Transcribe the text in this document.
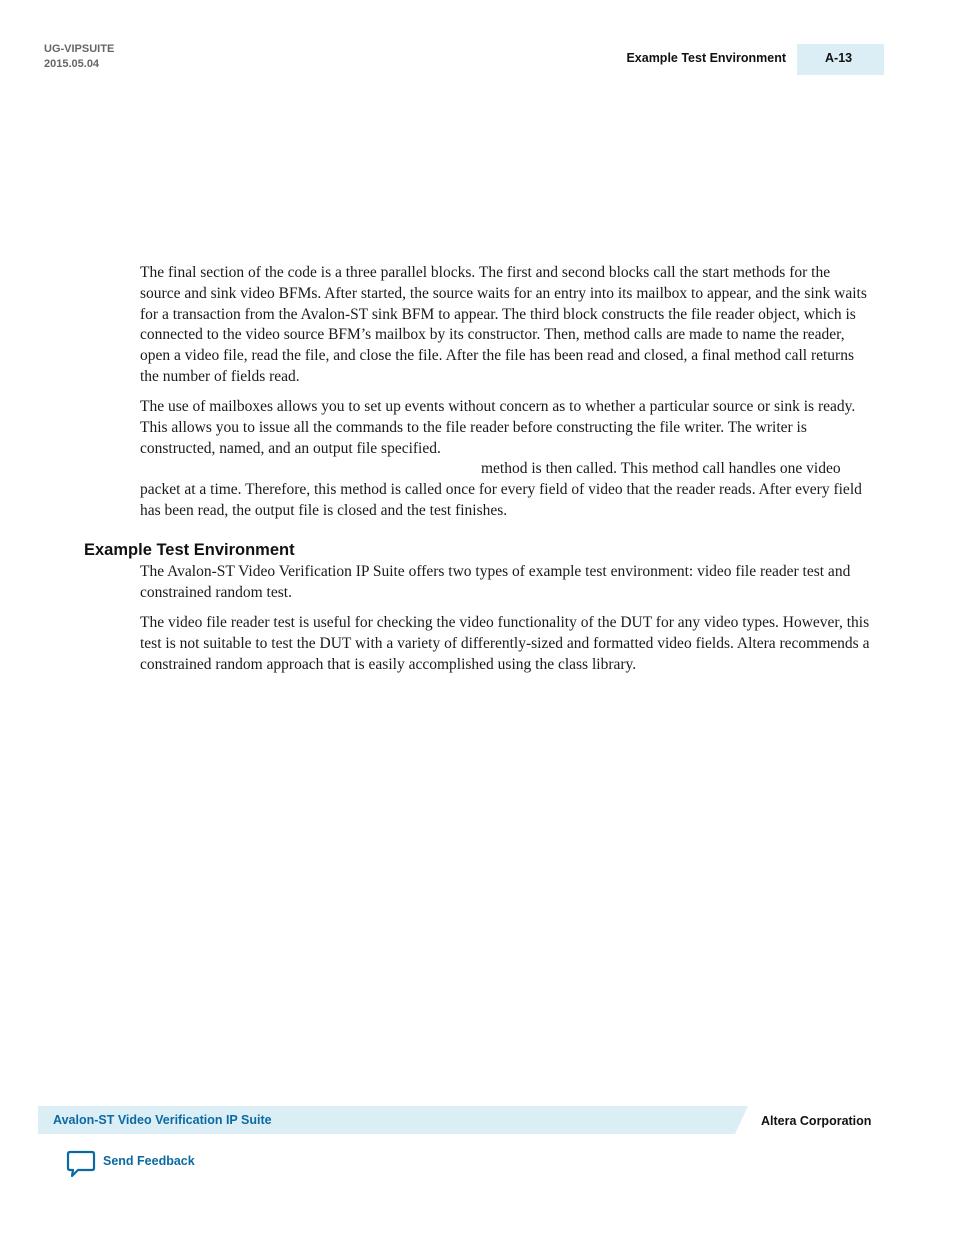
UG-VIPSUITE
2015.05.04	Example Test Environment	A-13

The final section of the code is a three parallel blocks. The first and second blocks call the start methods for the source and sink video BFMs. After started, the source waits for an entry into its mailbox to appear, and the sink waits for a transaction from the Avalon-ST sink BFM to appear. The third block constructs the file reader object, which is connected to the video source BFM’s mailbox by its constructor. Then, method calls are made to name the reader, open a video file, read the file, and close the file. After the file has been read and closed, a final method call returns the number of fields read.

The use of mailboxes allows you to set up events without concern as to whether a particular source or sink is ready. This allows you to issue all the commands to the file reader before constructing the file writer. The writer is constructed, named, and an output file specified.
method is then called. This method call handles one video packet at a time. Therefore, this method is called once for every field of video that the reader reads. After every field has been read, the output file is closed and the test finishes.
Example Test Environment

The Avalon-ST Video Verification IP Suite offers two types of example test environment: video file reader test and constrained random test.

The video file reader test is useful for checking the video functionality of the DUT for any video types. However, this test is not suitable to test the DUT with a variety of differently-sized and formatted video fields. Altera recommends a constrained random approach that is easily accomplished using the class library.

Avalon-ST Video Verification IP Suite	Altera Corporation
Send Feedback
